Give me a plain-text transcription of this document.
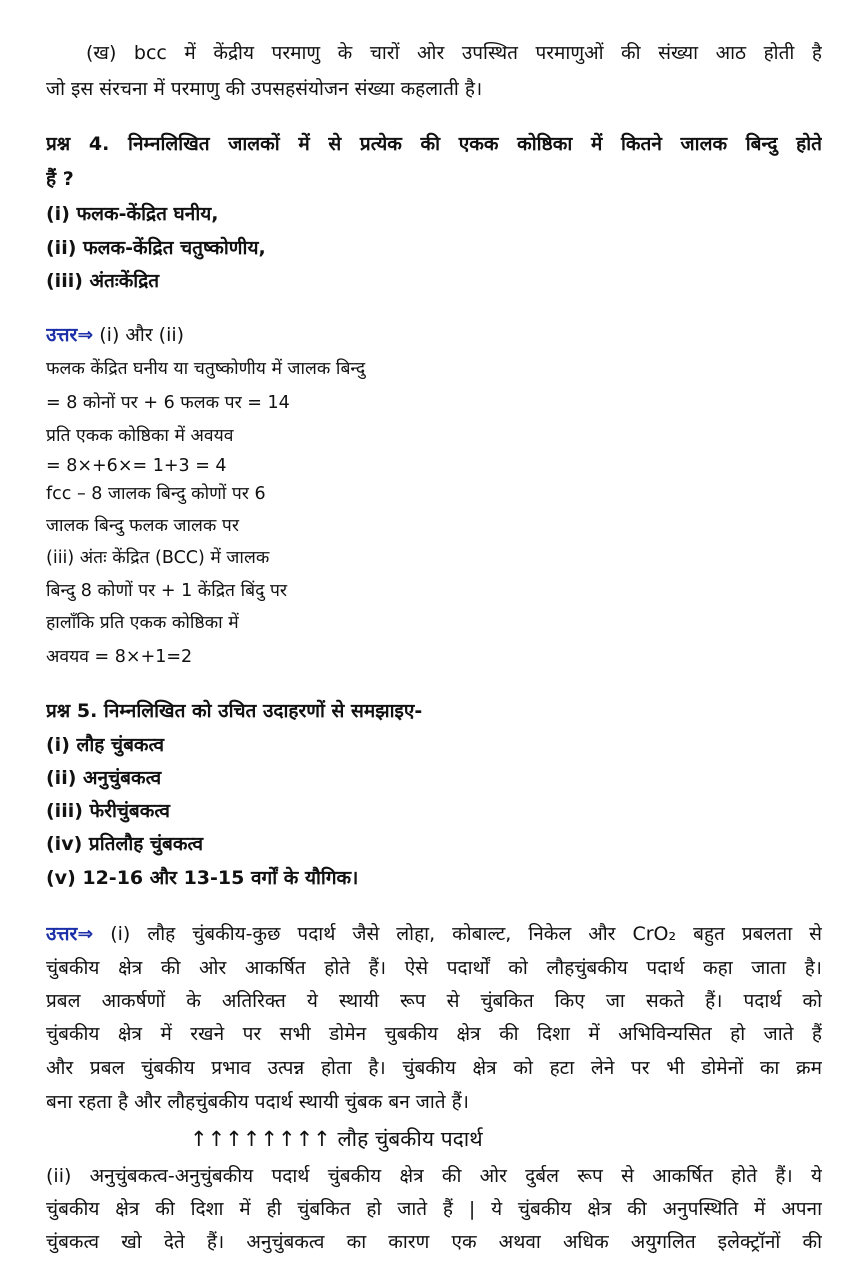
(ख) bcc में केंद्रीय परमाणु के चारों ओर उपस्थित परमाणुओं की संख्या आठ होती है
जो इस संरचना में परमाणु की उपसहसंयोजन संख्या कहलाती है।
प्रश्न 4. निम्नलिखित जालकों में से प्रत्येक की एकक कोष्ठिका में कितने जालक बिन्दु होते
हैं ?
(i) फलक-केंद्रित घनीय,
(ii) फलक-केंद्रित चतुष्कोणीय,
(iii) अंतःकेंद्रित
उत्तर⇒ (i) और (ii)
फलक केंद्रित घनीय या चतुष्कोणीय में जालक बिन्दु
= 8 कोनों पर + 6 फलक पर = 14
प्रति एकक कोष्ठिका में अवयव
= 8×+6×= 1+3 = 4
fcc – 8 जालक बिन्दु कोणों पर 6
जालक बिन्दु फलक जालक पर
(iii) अंतः केंद्रित (BCC) में जालक
बिन्दु 8 कोणों पर + 1 केंद्रित बिंदु पर
हालाँकि प्रति एकक कोष्ठिका में
अवयव = 8×+1=2
प्रश्न 5. निम्नलिखित को उचित उदाहरणों से समझाइए-
(i) लौह चुंबकत्व
(ii) अनुचुंबकत्व
(iii) फेरीचुंबकत्व
(iv) प्रतिलौह चुंबकत्व
(v) 12-16 और 13-15 वर्गों के यौगिक।
उत्तर⇒ (i) लौह चुंबकीय-कुछ पदार्थ जैसे लोहा, कोबाल्ट, निकेल और CrO₂ बहुत प्रबलता से
चुंबकीय क्षेत्र की ओर आकर्षित होते हैं। ऐसे पदार्थों को लौहचुंबकीय पदार्थ कहा जाता है।
प्रबल आकर्षणों के अतिरिक्त ये स्थायी रूप से चुंबकित किए जा सकते हैं। पदार्थ को
चुंबकीय क्षेत्र में रखने पर सभी डोमेन चुबकीय क्षेत्र की दिशा में अभिविन्यसित हो जाते हैं
और प्रबल चुंबकीय प्रभाव उत्पन्न होता है। चुंबकीय क्षेत्र को हटा लेने पर भी डोमेनों का क्रम
बना रहता है और लौहचुंबकीय पदार्थ स्थायी चुंबक बन जाते हैं।
↑↑↑↑↑↑↑↑ लौह चुंबकीय पदार्थ
(ii) अनुचुंबकत्व-अनुचुंबकीय पदार्थ चुंबकीय क्षेत्र की ओर दुर्बल रूप से आकर्षित होते हैं। ये
चुंबकीय क्षेत्र की दिशा में ही चुंबकित हो जाते हैं | ये चुंबकीय क्षेत्र की अनुपस्थिति में अपना
चुंबकत्व खो देते हैं। अनुचुंबकत्व का कारण एक अथवा अधिक अयुगलित इलेक्ट्रॉनों की
